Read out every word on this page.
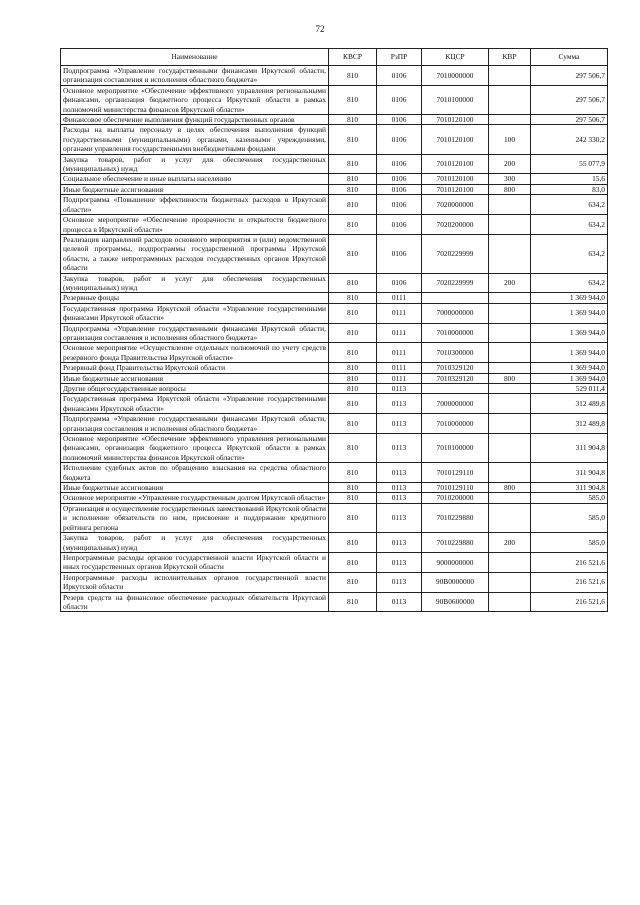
72
Наименование	КВСР	РзПР	КЦСР	КВР	Сумма
Подпрограмма «Управление государственными финансами Иркутской области, организация составления и исполнения областного бюджета»	810	0106	7010000000		297 506,7
Основное мероприятие «Обеспечение эффективного управления региональными финансами, организация бюджетного процесса Иркутской области в рамках полномочий министерства финансов Иркутской области»	810	0106	7010100000		297 506,7
Финансовое обеспечение выполнения функций государственных органов	810	0106	7010120100		297 506,7
Расходы на выплаты персоналу в целях обеспечения выполнения функций государственными (муниципальными) органами, казенными учреждениями, органами управления государственными внебюджетными фондами	810	0106	7010120100	100	242 330,2
Закупка товаров, работ и услуг для обеспечения государственных (муниципальных) нужд	810	0106	7010120100	200	55 077,9
Социальное обеспечение и иные выплаты населению	810	0106	7010120100	300	15,6
Иные бюджетные ассигнования	810	0106	7010120100	800	83,0
Подпрограмма «Повышение эффективности бюджетных расходов в Иркутской области»	810	0106	7020000000		634,2
Основное мероприятие «Обеспечение прозрачности и открытости бюджетного процесса в Иркутской области»	810	0106	7020200000		634,2
Реализация направлений расходов основного мероприятия и (или) ведомственной целевой программы, подпрограммы государственной программы Иркутской области, а также непрограммных расходов государственных органов Иркутской области	810	0106	7020229999		634,2
Закупка товаров, работ и услуг для обеспечения государственных (муниципальных) нужд	810	0106	7020229999	200	634,2
Резервные фонды	810	0111			1 369 944,0
Государственная программа Иркутской области «Управление государственными финансами Иркутской области»	810	0111	7000000000		1 369 944,0
Подпрограмма «Управление государственными финансами Иркутской области, организация составления и исполнения областного бюджета»	810	0111	7010000000		1 369 944,0
Основное мероприятие «Осуществление отдельных полномочий по учету средств резервного фонда Правительства Иркутской области»	810	0111	7010300000		1 369 944,0
Резервный фонд Правительства Иркутской области	810	0111	7010329120		1 369 944,0
Иные бюджетные ассигнования	810	0111	7010329120	800	1 369 944,0
Другие общегосударственные вопросы	810	0113			529 011,4
Государственная программа Иркутской области «Управление государственными финансами Иркутской области»	810	0113	7000000000		312 489,8
Подпрограмма «Управление государственными финансами Иркутской области, организация составления и исполнения областного бюджета»	810	0113	7010000000		312 489,8
Основное мероприятие «Обеспечение эффективного управления региональными финансами, организация бюджетного процесса Иркутской области в рамках полномочий министерства финансов Иркутской области»	810	0113	7010100000		311 904,8
Исполнение судебных актов по обращению взыскания на средства областного бюджета	810	0113	7010129110		311 904,8
Иные бюджетные ассигнования	810	0113	7010129110	800	311 904,8
Основное мероприятие «Управление государственным долгом Иркутской области»	810	0113	7010200000		585,0
Организация и осуществление государственных заимствований Иркутской области и исполнение обязательств по ним, присвоение и поддержание кредитного рейтинга региона	810	0113	7010229880		585,0
Закупка товаров, работ и услуг для обеспечения государственных (муниципальных) нужд	810	0113	7010229880	200	585,0
Непрограммные расходы органов государственной власти Иркутской области и иных государственных органов Иркутской области	810	0113	9000000000		216 521,6
Непрограммные расходы исполнительных органов государственной власти Иркутской области	810	0113	90В0000000		216 521,6
Резерв средств на финансовое обеспечение расходных обязательств Иркутской области	810	0113	90В0600000		216 521,6
